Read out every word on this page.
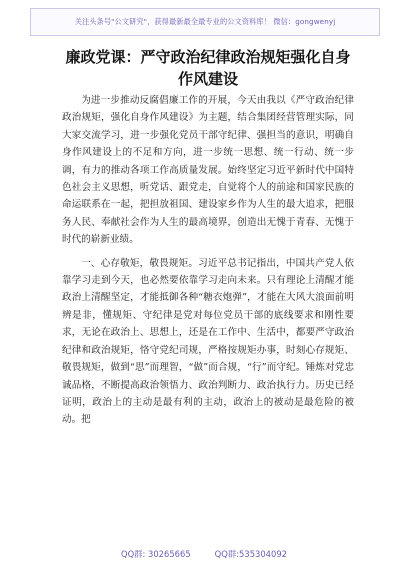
关注头条号"公文研究"，获得最新最全最专业的公文资料库！ 微信：gongwenyj
廉政党课：严守政治纪律政治规矩强化自身作风建设

为进一步推动反腐倡廉工作的开展，今天由我以《严守政治纪律政治规矩，强化自身作风建设》为主题，结合集团经营管理实际，同大家交流学习，进一步强化党员干部守纪律、强担当的意识，明确自身作风建设上的不足和方向，进一步统一思想、统一行动、统一步调，有力的推动各项工作高质量发展。始终坚定习近平新时代中国特色社会主义思想，听党话、跟党走，自觉将个人的前途和国家民族的命运联系在一起，把担放祖国、建设家乡作为人生的最大追求，把服务人民、奉献社会作为人生的最高境界，创造出无愧于青春、无愧于时代的崭新业绩。

一、心存敬矩，敬畏规矩。习近平总书记指出，中国共产党人依靠学习走到今天，也必然要依靠学习走向未来。只有理论上清醒才能政治上清醒坚定，才能抵御各种“糖衣炮弹”，才能在大风大浪面前明辨是非，懂规矩、守纪律是党对每位党员干部的底线要求和刚性要求，无论在政治上、思想上，还是在工作中、生活中，都要严守政治纪律和政治规矩，恪守党纪司规，严格按规矩办事，时刻心存规矩、敬畏规矩，做到“思”而理智，“做”而合规，“行”而守纪。锤炼对党忠诚品格，不断提高政治领悟力、政治判断力、政治执行力。历史已经证明，政治上的主动是最有利的主动，政治上的被动是最危险的被动。把

QQ群: 30265665	QQ群:535304092
